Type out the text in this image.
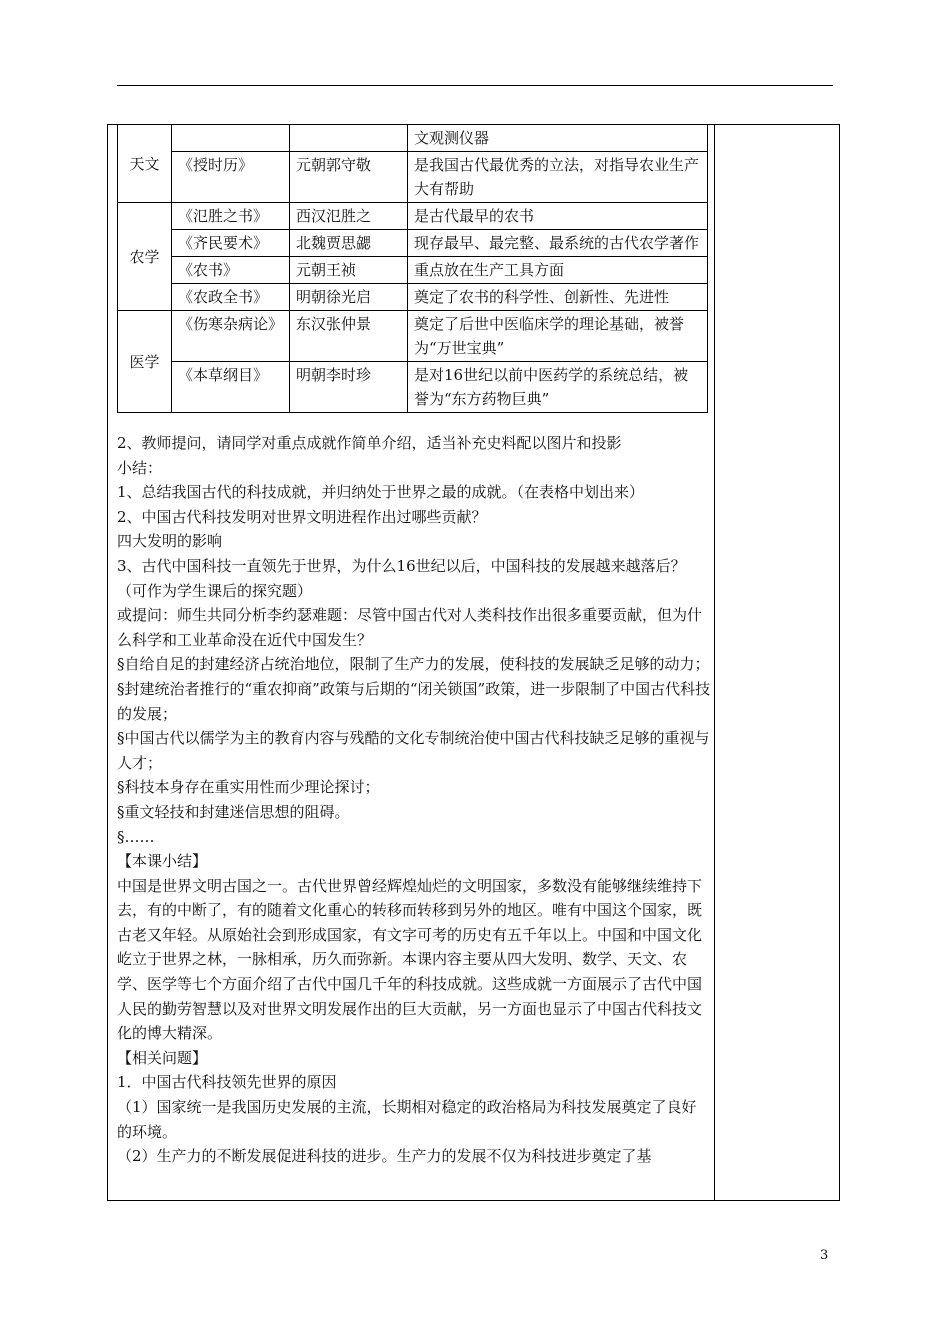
天文			文观测仪器
	《授时历》	元朝郭守敬	是我国古代最优秀的立法，对指导农业生产大有帮助
农学	《氾胜之书》	西汉氾胜之	是古代最早的农书
	《齐民要术》	北魏贾思勰	现存最早、最完整、最系统的古代农学著作
	《农书》	元朝王祯	重点放在生产工具方面
	《农政全书》	明朝徐光启	奠定了农书的科学性、创新性、先进性
医学	《伤寒杂病论》	东汉张仲景	奠定了后世中医临床学的理论基础，被誉为“万世宝典”
	《本草纲目》	明朝李时珍	是对16世纪以前中医药学的系统总结，被誉为“东方药物巨典”

2、教师提问，请同学对重点成就作简单介绍，适当补充史料配以图片和投影

小结：

1、总结我国古代的科技成就，并归纳处于世界之最的成就。（在表格中划出来）

2、中国古代科技发明对世界文明进程作出过哪些贡献？

四大发明的影响

3、古代中国科技一直领先于世界，为什么16世纪以后，中国科技的发展越来越落后？（可作为学生课后的探究题）

或提问：师生共同分析李约瑟难题：尽管中国古代对人类科技作出很多重要贡献，但为什么科学和工业革命没在近代中国发生？

§自给自足的封建经济占统治地位，限制了生产力的发展，使科技的发展缺乏足够的动力；

§封建统治者推行的“重农抑商”政策与后期的“闭关锁国”政策，进一步限制了中国古代科技的发展；

§中国古代以儒学为主的教育内容与残酷的文化专制统治使中国古代科技缺乏足够的重视与人才；

§科技本身存在重实用性而少理论探讨；

§重文轻技和封建迷信思想的阻碍。

§……

【本课小结】

中国是世界文明古国之一。古代世界曾经辉煌灿烂的文明国家，多数没有能够继续维持下去，有的中断了，有的随着文化重心的转移而转移到另外的地区。唯有中国这个国家，既古老又年轻。从原始社会到形成国家，有文字可考的历史有五千年以上。中国和中国文化屹立于世界之林，一脉相承，历久而弥新。本课内容主要从四大发明、数学、天文、农学、医学等七个方面介绍了古代中国几千年的科技成就。这些成就一方面展示了古代中国人民的勤劳智慧以及对世界文明发展作出的巨大贡献，另一方面也显示了中国古代科技文化的博大精深。

【相关问题】

1．中国古代科技领先世界的原因

（1）国家统一是我国历史发展的主流，长期相对稳定的政治格局为科技发展奠定了良好的环境。

（2）生产力的不断发展促进科技的进步。生产力的发展不仅为科技进步奠定了基

3
